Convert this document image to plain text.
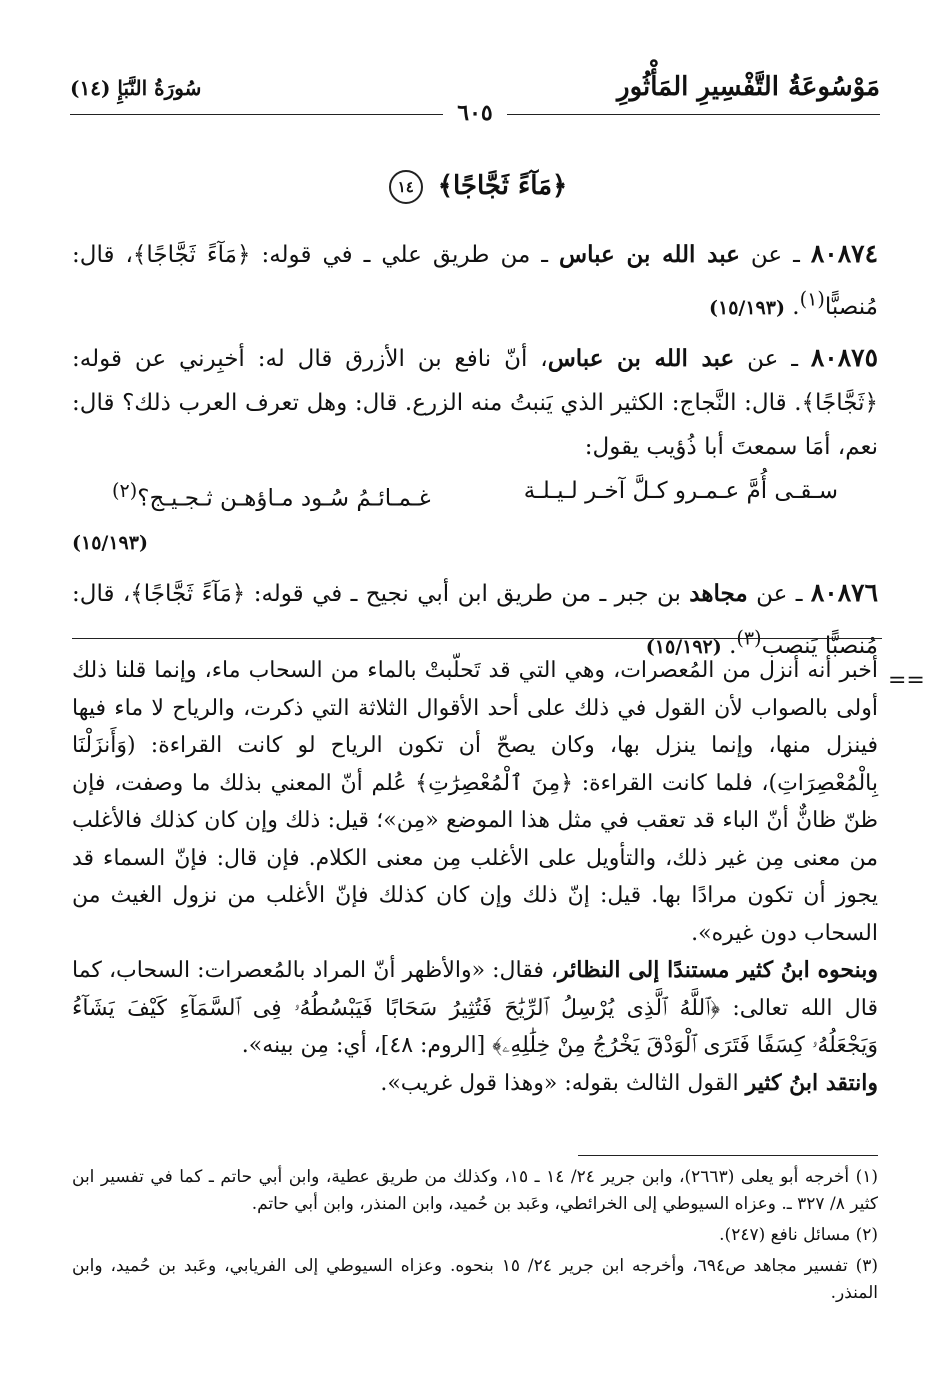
مَوْسُوعَةُ التَّفْسِيرِ المَأْثُورِ
سُورَةُ النَّبَإِ (١٤)
٦٠٥
﴿مَآءً ثَجَّاجًا﴾ ١٤
٨٠٨٧٤ ـ عن عبد الله بن عباس ـ من طريق علي ـ في قوله: ﴿مَآءً ثَجَّاجًا﴾، قال: مُنصبًّا$^{(١)}$. (١٥/١٩٣)
٨٠٨٧٥ ـ عن عبد الله بن عباس، أنّ نافع بن الأزرق قال له: أخبِرني عن قوله: ﴿ثَجَّاجًا﴾. قال: النَّجاج: الكثير الذي يَنبتُ منه الزرع. قال: وهل تعرف العرب ذلك؟ قال: نعم، أمَا سمعتَ أبا ذُؤيب يقول:
سـقـى أُمَّ عـمـرو كـلَّ آخـر لـيـلـة
غـمـائـمُ سُـود مـاؤهـن ثـجـيـج؟$^{(٢)}$
(١٥/١٩٣)
٨٠٨٧٦ ـ عن مجاهد بن جبر ـ من طريق ابن أبي نجيح ـ في قوله: ﴿مَآءً ثَجَّاجًا﴾، قال: مُنصبًّا يَنصب$^{(٣)}$. (١٥/١٩٢)
==
أخبر أنه أنزل من المُعصرات، وهي التي قد تَحلّبتْ بالماء من السحاب ماء، وإنما قلنا ذلك أولى بالصواب لأن القول في ذلك على أحد الأقوال الثلاثة التي ذكرت، والرياح لا ماء فيها فينزل منها، وإنما ينزل بها، وكان يصحّ أن تكون الرياح لو كانت القراءة: (وَأَنزَلْنَا بِالْمُعْصِرَاتِ)، فلما كانت القراءة: ﴿مِنَ ٱلْمُعْصِرَٰتِ﴾ عُلم أنّ المعني بذلك ما وصفت، فإن ظنّ ظانٌّ أنّ الباء قد تعقب في مثل هذا الموضع «مِن»؛ قيل: ذلك وإن كان كذلك فالأغلب من معنى مِن غير ذلك، والتأويل على الأغلب مِن معنى الكلام. فإن قال: فإنّ السماء قد يجوز أن تكون مرادًا بها. قيل: إنّ ذلك وإن كان كذلك فإنّ الأغلب من نزول الغيث من السحاب دون غيره».
وبنحوه ابنُ كثير مستندًا إلى النظائر، فقال: «والأظهر أنّ المراد بالمُعصرات: السحاب، كما قال الله تعالى: ﴿ٱللَّهُ ٱلَّذِى يُرْسِلُ ٱلرِّيَٰحَ فَتُثِيرُ سَحَابًا فَيَبْسُطُهُۥ فِى ٱلسَّمَآءِ كَيْفَ يَشَآءُ وَيَجْعَلُهُۥ كِسَفًا فَتَرَى ٱلْوَدْقَ يَخْرُجُ مِنْ خِلَٰلِهِۦ﴾ [الروم: ٤٨]، أي: مِن بينه».
وانتقد ابنُ كثير القول الثالث بقوله: «وهذا قول غريب».

(١) أخرجه أبو يعلى (٢٦٦٣)، وابن جرير ٢٤/ ١٤ ـ ١٥، وكذلك من طريق عطية، وابن أبي حاتم ـ كما في تفسير ابن كثير ٨/ ٣٢٧ ـ. وعزاه السيوطي إلى الخرائطي، وعَبد بن حُميد، وابن المنذر، وابن أبي حاتم.

(٢) مسائل نافع (٢٤٧).

(٣) تفسير مجاهد ص٦٩٤، وأخرجه ابن جرير ٢٤/ ١٥ بنحوه. وعزاه السيوطي إلى الفريابي، وعَبد بن حُميد، وابن المنذر.
